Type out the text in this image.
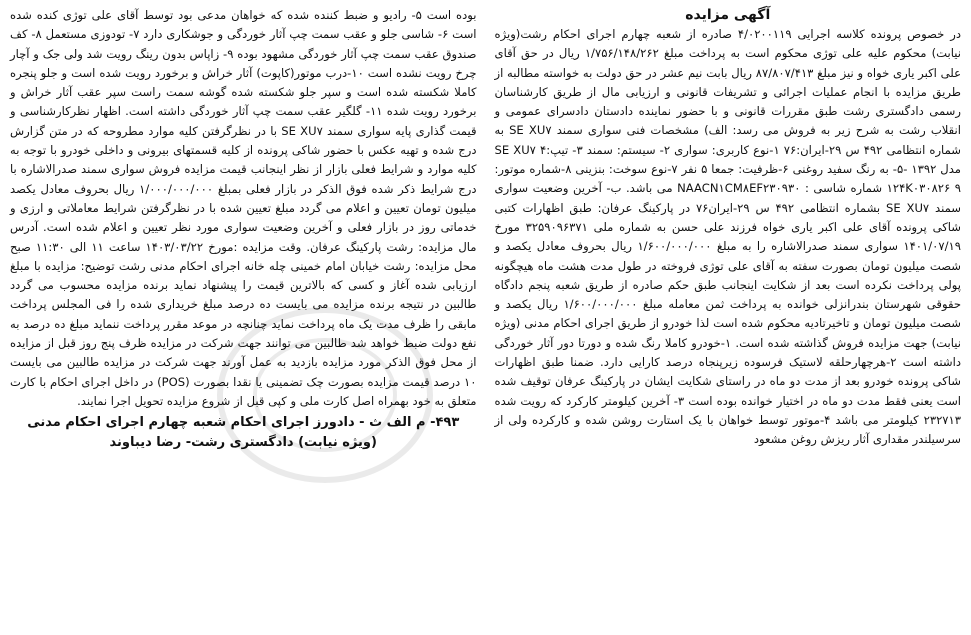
آگهی مزایده

در خصوص پرونده کلاسه اجرایی ۴/۰۲۰۰۱۱۹ صادره از شعبه چهارم اجرای احکام رشت(ویژه نیابت) محکوم علیه علی توژی محکوم است به پرداخت مبلغ ۱/۷۵۶/۱۴۸/۲۶۲ ریال در حق آقای علی اکبر یاری خواه و نیز مبلغ ۸۷/۸۰۷/۴۱۳ ریال بابت نیم عشر در حق دولت به خواسته مطالبه از طریق مزایده با انجام عملیات اجرائی و تشریفات قانونی و ارزیابی مال از طریق کارشناسان رسمی دادگستری رشت طبق مقررات قانونی و با حضور نماینده دادستان دادسرای عمومی و انقلاب رشت به شرح زیر به فروش می رسد: الف) مشخصات فنی سواری سمند SE XU۷ به شماره انتظامی ۴۹۲ س ۲۹-ایران:۷۶ ۱-نوع کاربری: سواری ۲- سیستم: سمند ۳- تیپ:SE XU۷ ۴ مدل ۱۳۹۲ -۵- به رنگ سفید روغنی ۶-ظرفیت: جمعا ۵ نفر ۷-نوع سوخت: بنزینی ۸-شماره موتور: ۱۲۴K۰۳۰۸۲۶ ۹ شماره شاسی : NAACN۱CM۸EF۲۳۰۹۳۰ می باشد. ب- آخرین وضعیت سواری سمند SE XU۷ بشماره انتظامی ۴۹۲ س ۲۹-ایران۷۶ در پارکینگ عرفان: طبق اظهارات کتبی شاکی پرونده آقای علی اکبر یاری خواه فرزند علی حسن به شماره ملی ۳۲۵۹۰۹۶۳۷۱ مورخ ۱۴۰۱/۰۷/۱۹ سواری سمند صدرالاشاره را به مبلغ ۱/۶۰۰/۰۰۰/۰۰۰ ریال بحروف معادل یکصد و شصت میلیون تومان بصورت سفته به آقای علی توژی فروخته در طول مدت هشت ماه هیچگونه پولی پرداخت نکرده است بعد از شکایت اینجانب طبق حکم صادره از طریق شعبه پنجم دادگاه حقوقی شهرستان بندرانزلی خوانده به پرداخت ثمن معامله مبلغ ۱/۶۰۰/۰۰۰/۰۰۰ ریال یکصد و شصت میلیون تومان و تاخیرتادیه محکوم شده است لذا خودرو از طریق اجرای احکام مدنی (ویژه نیابت) جهت مزایده فروش گذاشته شده است. ۱-خودرو کاملا رنگ شده و دورتا دور آثار خوردگی داشته است ۲-هرچهارحلقه لاستیک فرسوده زیرپنجاه درصد کارایی دارد. ضمنا طبق اظهارات شاکی پرونده خودرو بعد از مدت دو ماه در راستای شکایت ایشان در پارکینگ عرفان توقیف شده است یعنی فقط مدت دو ماه در اختیار خوانده بوده است ۳- آخرین کیلومتر کارکرد که رویت شده ۲۳۲۷۱۳ کیلومتر می باشد ۴-موتور توسط خواهان با یک استارت روشن شده و کارکرده ولی از سرسیلندر مقداری آثار ریزش روغن مشعود

بوده است ۵- رادیو و ضبط کننده شده که خواهان مدعی بود توسط آقای علی توژی کنده شده است ۶- شاسی جلو و عقب سمت چپ آثار خوردگی و جوشکاری دارد ۷- تودوزی مستعمل ۸- کف صندوق عقب سمت چپ آثار خوردگی مشهود بوده ۹- زاپاس بدون رینگ رویت شد ولی جک و آچار چرخ رویت نشده است ۱۰-درب موتور(کاپوت) آثار خراش و برخورد رویت شده است و جلو پنجره کاملا شکسته شده است و سپر جلو شکسته شده گوشه سمت راست سپر عقب آثار خراش و برخورد رویت شده ۱۱- گلگیر عقب سمت چپ آثار خوردگی داشته است. اظهار نظرکارشناسی و قیمت گذاری پایه سواری سمند SE XU۷ با در نظرگرفتن کلیه موارد مطروحه که در متن گزارش درج شده و تهیه عکس با حضور شاکی پرونده از کلیه قسمتهای بیرونی و داخلی خودرو با توجه به کلیه موارد و شرایط فعلی بازار از نظر اینجانب قیمت مزایده فروش سواری سمند صدرالاشاره با درج شرایط ذکر شده فوق الذکر در بازار فعلی بمبلغ ۱/۰۰۰/۰۰۰/۰۰۰ ریال بحروف معادل یکصد میلیون تومان تعیین و اعلام می گردد مبلغ تعیین شده با در نظرگرفتن شرایط معاملاتی و ارزی و خدماتی روز در بازار فعلی و آخرین وضعیت سواری مورد نظر تعیین و اعلام شده است. آدرس مال مزایده: رشت پارکینگ عرفان. وقت مزایده :مورخ ۱۴۰۳/۰۳/۲۲ ساعت ۱۱ الی ۱۱:۳۰ صبح محل مزایده: رشت خیابان امام خمینی چله خانه اجرای احکام مدنی رشت توضیح: مزایده با مبلغ ارزیابی شده آغاز و کسی که بالاترین قیمت را پیشنهاد نماید برنده مزایده محسوب می گردد طالبین در نتیجه برنده مزایده می بایست ده درصد مبلغ خریداری شده را فی المجلس پرداخت مابقی را ظرف مدت یک ماه پرداخت نماید چنانچه در موعد مقرر پرداخت ننماید مبلغ ده درصد به نفع دولت ضبط خواهد شد طالبین می توانند جهت شرکت در مزایده ظرف پنج روز قبل از مزایده از محل فوق الذکر مورد مزایده بازدید به عمل آورند جهت شرکت در مزایده طالبین می بایست ۱۰ درصد قیمت مزایده بصورت چک تضمینی یا نقدا بصورت (POS) در داخل اجرای احکام با کارت متعلق به خود بهمراه اصل کارت ملی و کپی قبل از شروع مزایده تحویل اجرا نمایند.

۴۹۳- م الف ث - دادورز اجرای احکام شعبه چهارم اجرای احکام مدنی
(ویژه نیابت) دادگستری رشت- رضا دیباوند
